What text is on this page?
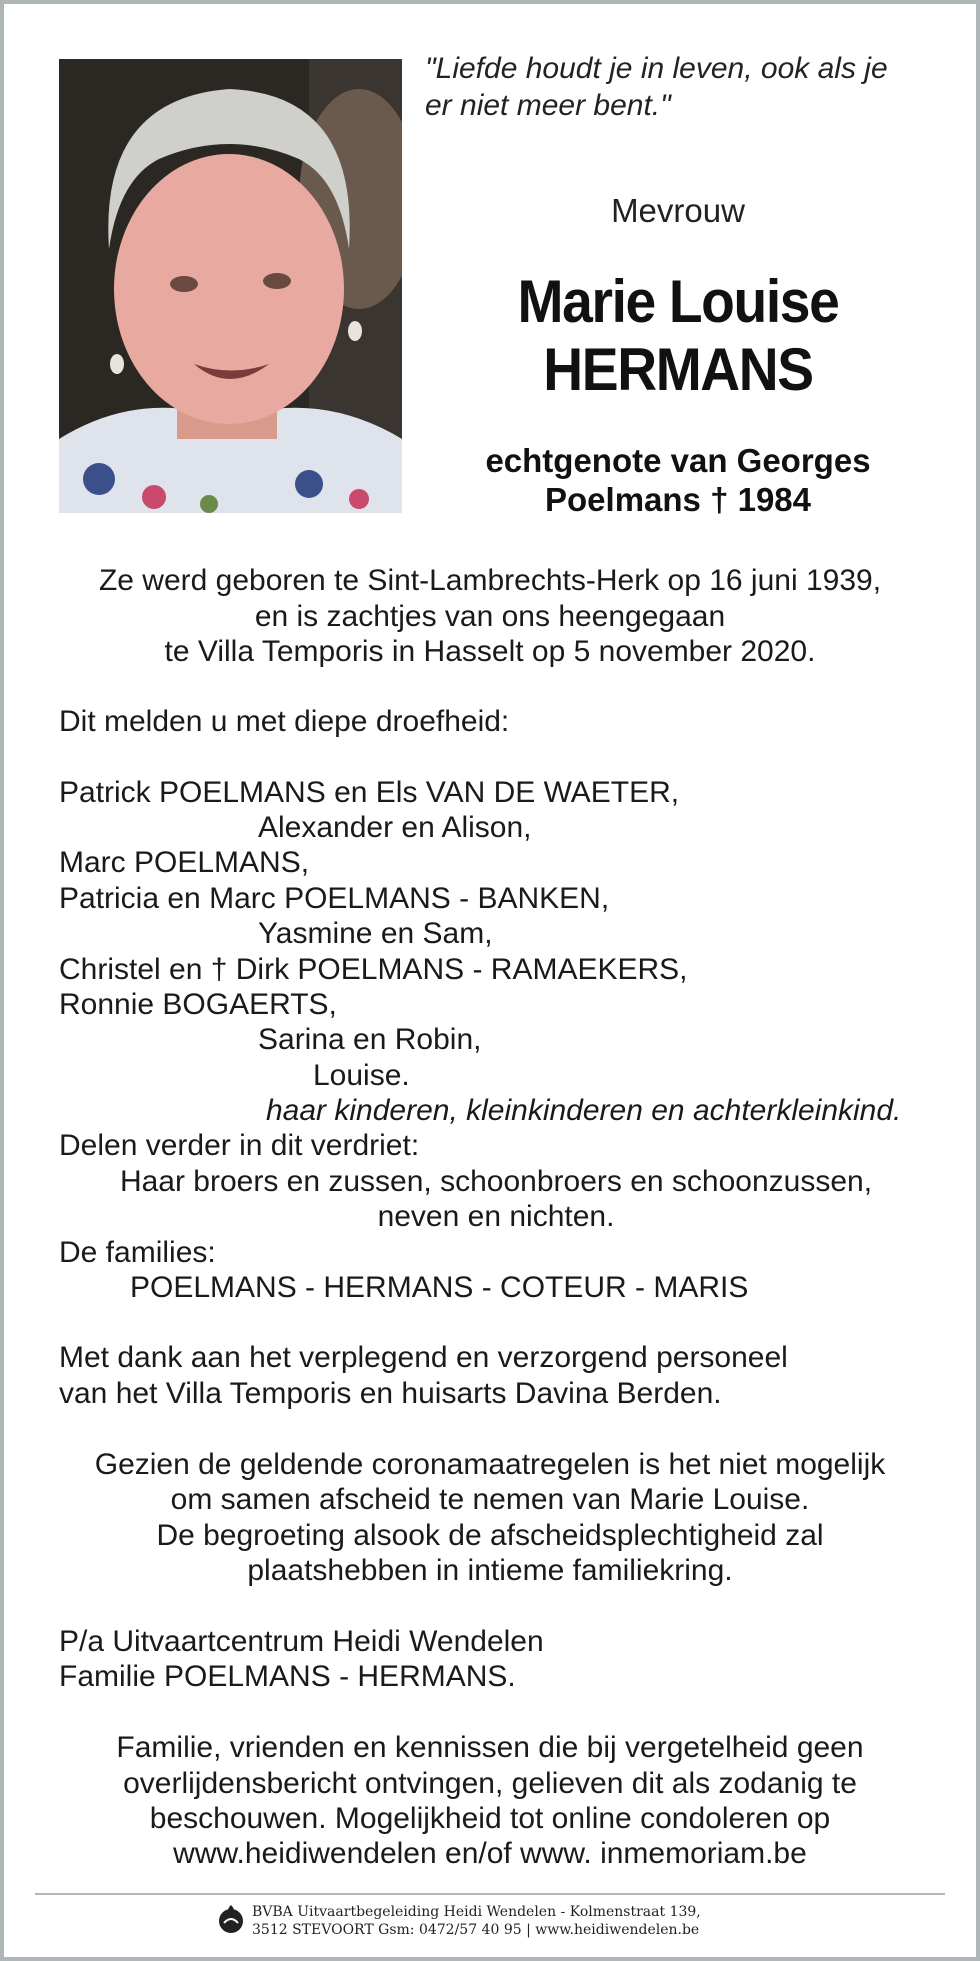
"Liefde houdt je in leven, ook als je
er niet meer bent."
Mevrouw
Marie Louise
HERMANS
echtgenote van Georges
Poelmans † 1984
Ze werd geboren te Sint-Lambrechts-Herk op 16 juni 1939,
en is zachtjes van ons heengegaan
te Villa Temporis in Hasselt op 5 november 2020.
Dit melden u met diepe droefheid:
Patrick POELMANS en Els VAN DE WAETER,
Alexander en Alison,
Marc POELMANS,
Patricia en Marc POELMANS - BANKEN,
Yasmine en Sam,
Christel en † Dirk POELMANS - RAMAEKERS,
Ronnie BOGAERTS,
Sarina en Robin,
Louise.
haar kinderen, kleinkinderen en achterkleinkind.
Delen verder in dit verdriet:
Haar broers en zussen, schoonbroers en schoonzussen,
neven en nichten.
De families:
POELMANS - HERMANS - COTEUR - MARIS
Met dank aan het verplegend en verzorgend personeel
van het Villa Temporis en huisarts Davina Berden.
Gezien de geldende coronamaatregelen is het niet mogelijk
om samen afscheid te nemen van Marie Louise.
De begroeting alsook de afscheidsplechtigheid zal
plaatshebben in intieme familiekring.
P/a Uitvaartcentrum Heidi Wendelen
Familie POELMANS - HERMANS.
Familie, vrienden en kennissen die bij vergetelheid geen
overlijdensbericht ontvingen, gelieven dit als zodanig te
beschouwen. Mogelijkheid tot online condoleren op
www.heidiwendelen en/of www. inmemoriam.be
BVBA Uitvaartbegeleiding Heidi Wendelen - Kolmenstraat 139,
3512 STEVOORT Gsm: 0472/57 40 95 | www.heidiwendelen.be
